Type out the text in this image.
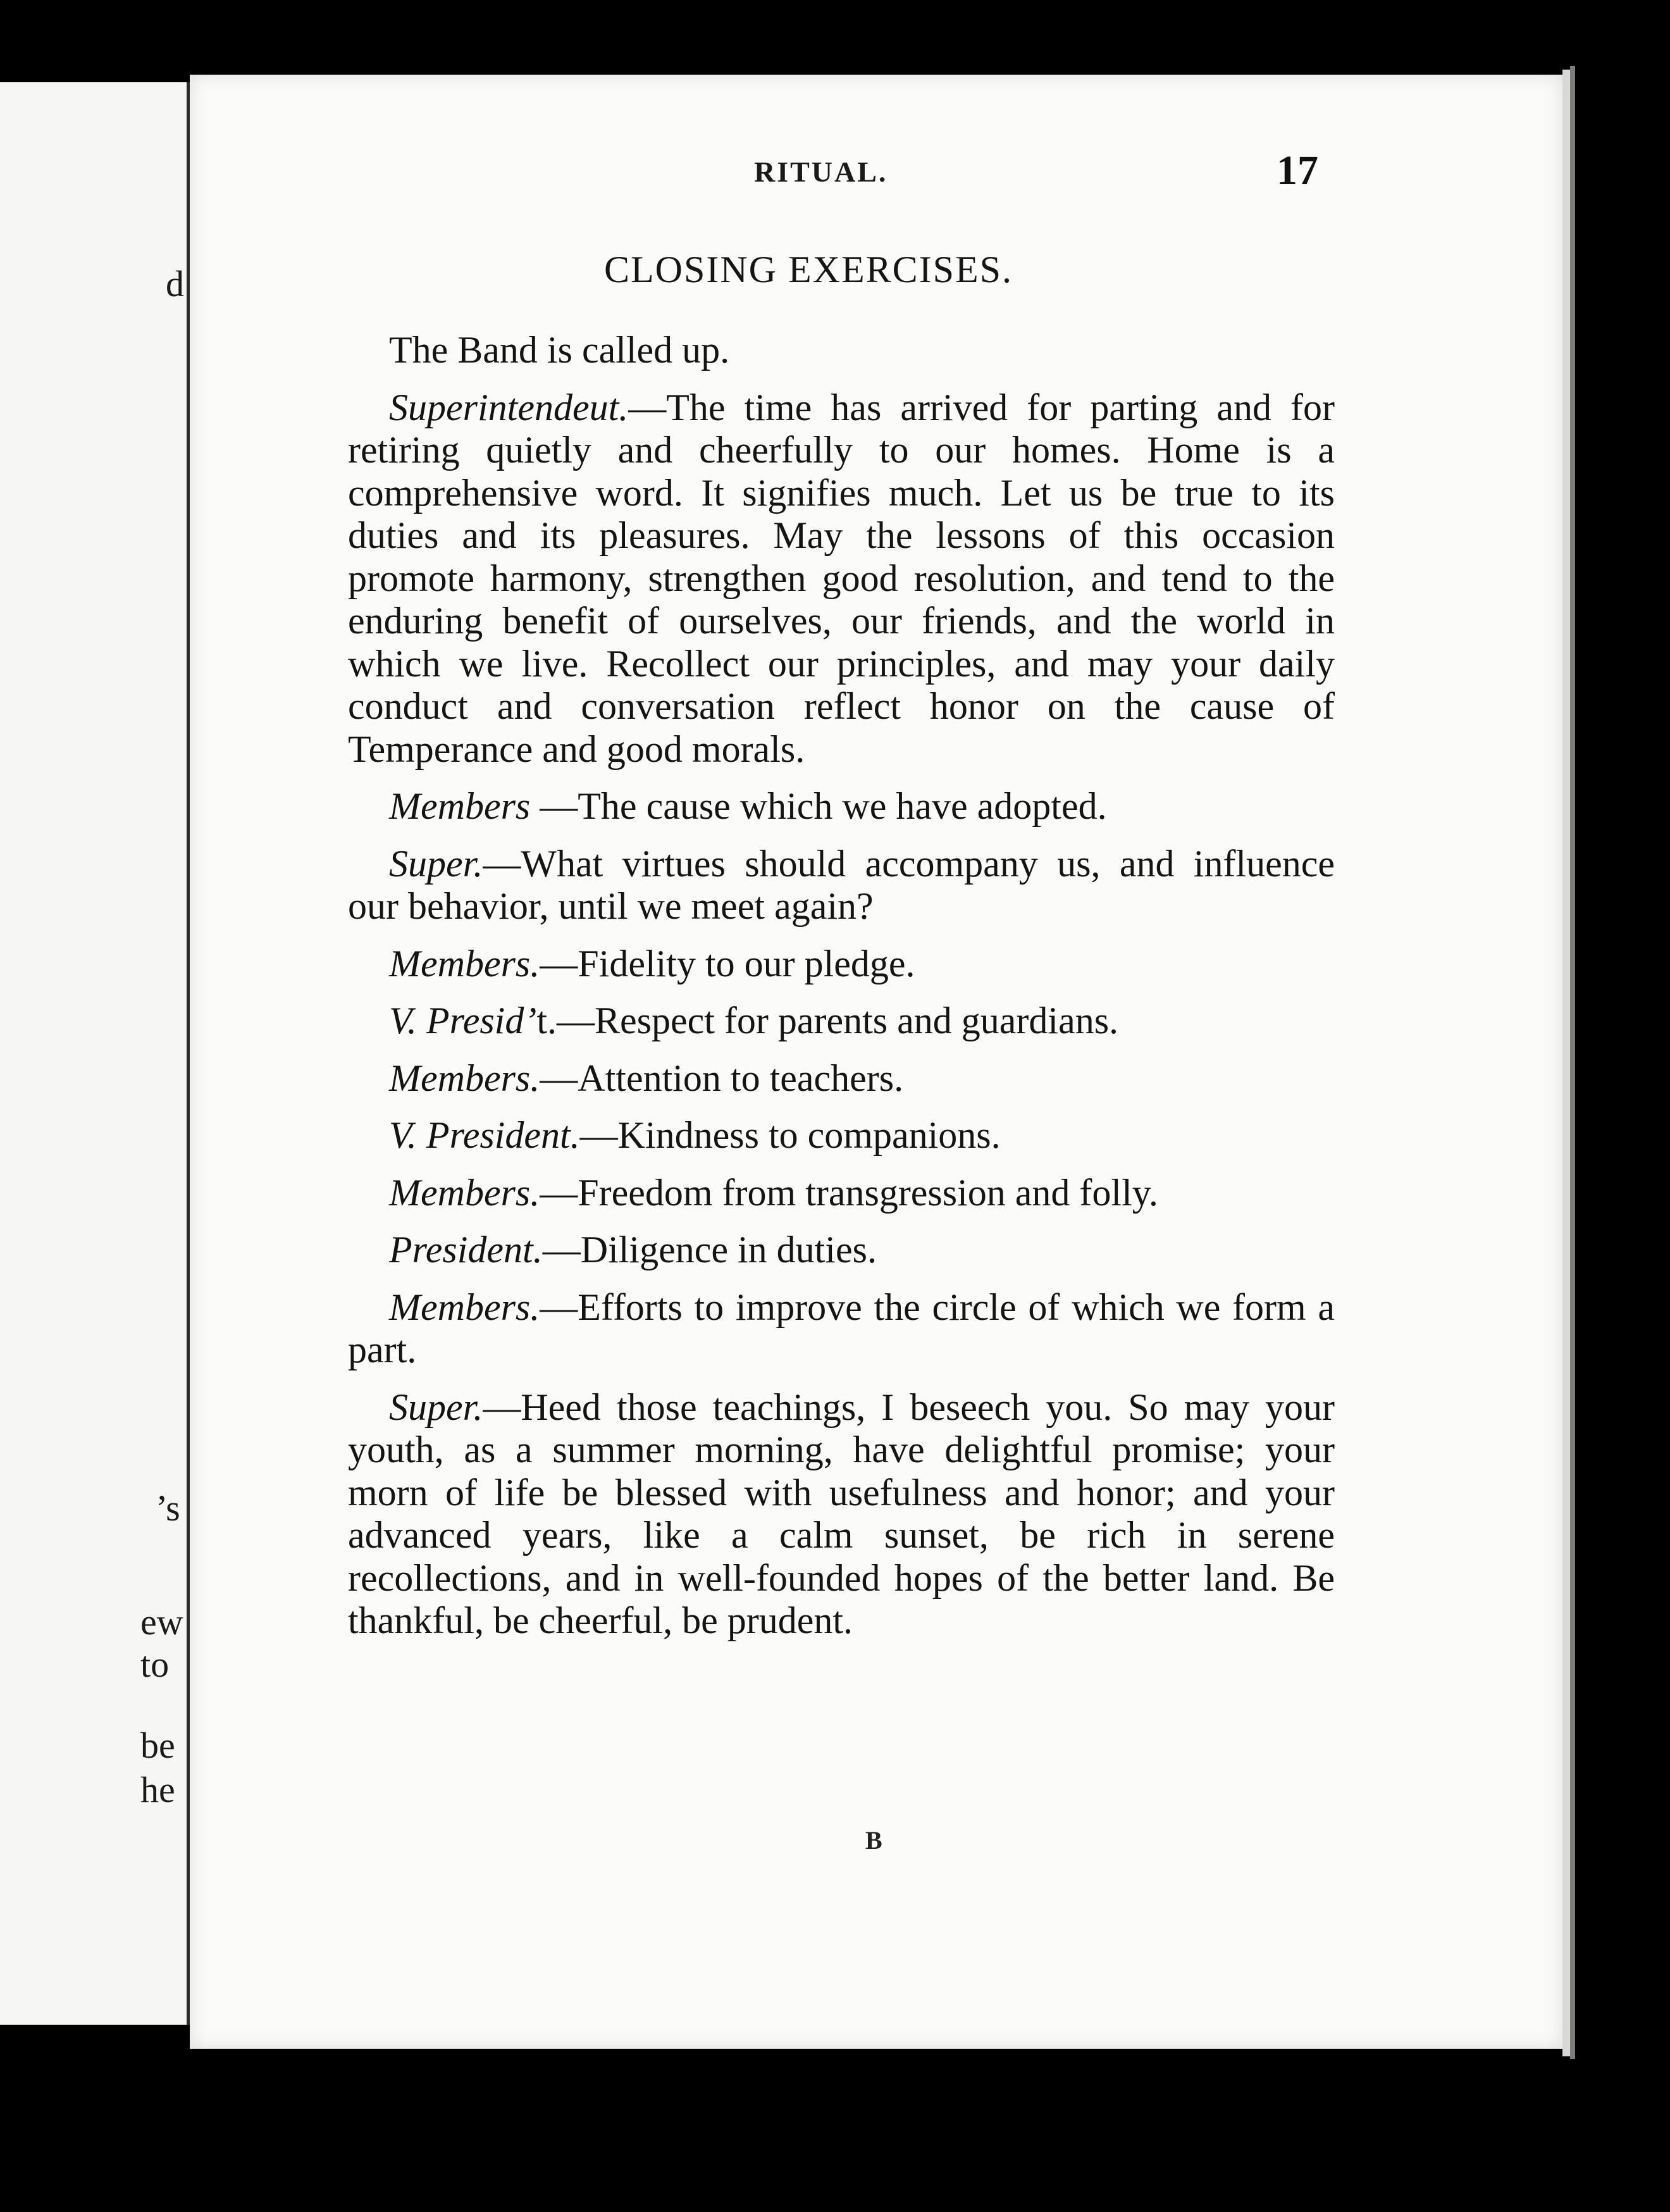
d
’s
ew
to
be
he
RITUAL.	17
CLOSING EXERCISES.

The Band is called up.

Superintendeut.—The time has arrived for parting and for retiring quietly and cheerfully to our homes. Home is a comprehensive word. It signifies much. Let us be true to its duties and its pleasures. May the lessons of this occasion promote harmony, strengthen good resolution, and tend to the enduring benefit of ourselves, our friends, and the world in which we live. Recollect our principles, and may your daily conduct and conversation reflect honor on the cause of Temperance and good morals.

Members —The cause which we have adopted.

Super.—What virtues should accompany us, and influence our behavior, until we meet again?

Members.—Fidelity to our pledge.

V. Presid’t.—Respect for parents and guardians.

Members.—Attention to teachers.

V. President.—Kindness to companions.

Members.—Freedom from transgression and folly.

President.—Diligence in duties.

Members.—Efforts to improve the circle of which we form a part.

Super.—Heed those teachings, I beseech you. So may your youth, as a summer morning, have delightful promise; your morn of life be blessed with usefulness and honor; and your advanced years, like a calm sunset, be rich in serene recollections, and in well-founded hopes of the better land. Be thankful, be cheerful, be prudent.

B
